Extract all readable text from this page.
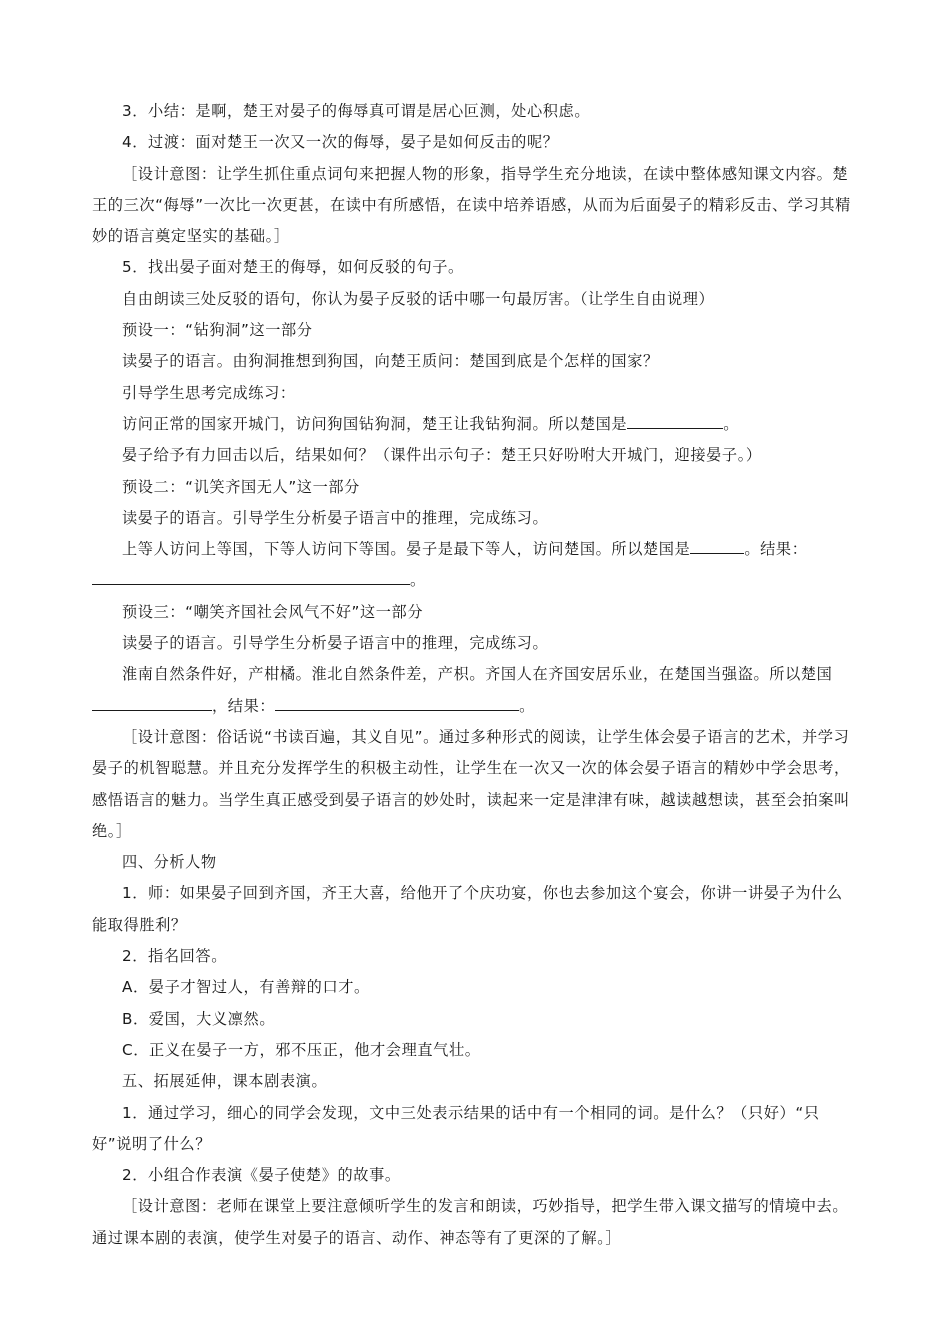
3．小结：是啊，楚王对晏子的侮辱真可谓是居心叵测，处心积虑。

4．过渡：面对楚王一次又一次的侮辱，晏子是如何反击的呢？

［设计意图：让学生抓住重点词句来把握人物的形象，指导学生充分地读，在读中整体感知课文内容。楚王的三次“侮辱”一次比一次更甚，在读中有所感悟，在读中培养语感，从而为后面晏子的精彩反击、学习其精妙的语言奠定坚实的基础。］

5．找出晏子面对楚王的侮辱，如何反驳的句子。

自由朗读三处反驳的语句，你认为晏子反驳的话中哪一句最厉害。（让学生自由说理）

预设一：“钻狗洞”这一部分

读晏子的语言。由狗洞推想到狗国，向楚王质问：楚国到底是个怎样的国家？

引导学生思考完成练习：

访问正常的国家开城门，访问狗国钻狗洞，楚王让我钻狗洞。所以楚国是	。

晏子给予有力回击以后，结果如何？（课件出示句子：楚王只好吩咐大开城门，迎接晏子。）

预设二：“讥笑齐国无人”这一部分

读晏子的语言。引导学生分析晏子语言中的推理，完成练习。

上等人访问上等国，下等人访问下等国。晏子是最下等人，访问楚国。所以楚国是	。结果：
。

预设三：“嘲笑齐国社会风气不好”这一部分

读晏子的语言。引导学生分析晏子语言中的推理，完成练习。

淮南自然条件好，产柑橘。淮北自然条件差，产枳。齐国人在齐国安居乐业，在楚国当强盗。所以楚国，结果：	。

［设计意图：俗话说“书读百遍，其义自见”。通过多种形式的阅读，让学生体会晏子语言的艺术，并学习晏子的机智聪慧。并且充分发挥学生的积极主动性，让学生在一次又一次的体会晏子语言的精妙中学会思考，感悟语言的魅力。当学生真正感受到晏子语言的妙处时，读起来一定是津津有味，越读越想读，甚至会拍案叫绝。］

四、分析人物

1．师：如果晏子回到齐国，齐王大喜，给他开了个庆功宴，你也去参加这个宴会，你讲一讲晏子为什么能取得胜利？

2．指名回答。

A．晏子才智过人，有善辩的口才。

B．爱国，大义凛然。

C．正义在晏子一方，邪不压正，他才会理直气壮。

五、拓展延伸，课本剧表演。

1．通过学习，细心的同学会发现，文中三处表示结果的话中有一个相同的词。是什么？（只好）“只好”说明了什么？

2．小组合作表演《晏子使楚》的故事。

［设计意图：老师在课堂上要注意倾听学生的发言和朗读，巧妙指导，把学生带入课文描写的情境中去。通过课本剧的表演，使学生对晏子的语言、动作、神态等有了更深的了解。］
